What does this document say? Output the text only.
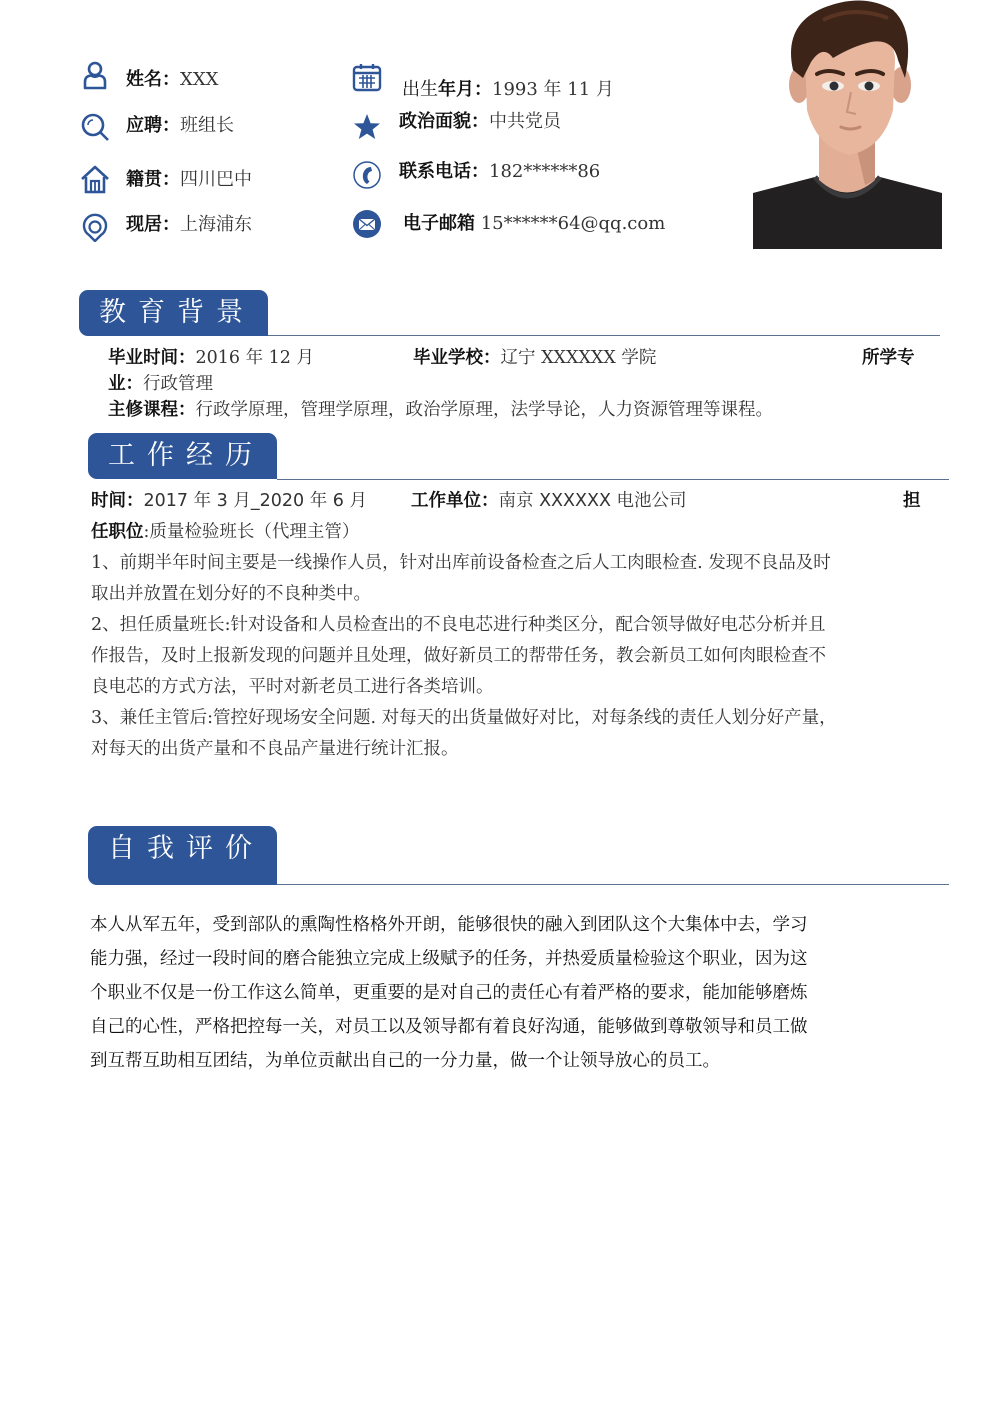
姓名：XXX
应聘：班组长
籍贯：四川巴中
现居：上海浦东
出生年月：1993 年 11 月
政治面貌：中共党员
联系电话：182******86
电子邮箱 15******64@qq.com
教育背景
毕业时间：2016 年 12 月	毕业学校：辽宁 XXXXXX 学院	所学专
业：行政管理
主修课程：行政学原理，管理学原理，政治学原理，法学导论，人力资源管理等课程。
工作经历
时间：2017 年 3 月_2020 年 6 月	工作单位：南京 XXXXXX 电池公司	担
任职位:质量检验班长（代理主管）
1、前期半年时间主要是一线操作人员，针对出库前设备检查之后人工肉眼检查. 发现不良品及时
取出并放置在划分好的不良种类中。
2、担任质量班长:针对设备和人员检查出的不良电芯进行种类区分，配合领导做好电芯分析并且
作报告，及时上报新发现的问题并且处理，做好新员工的帮带任务，教会新员工如何肉眼检查不
良电芯的方式方法，平时对新老员工进行各类培训。
3、兼任主管后:管控好现场安全问题. 对每天的出货量做好对比，对每条线的责任人划分好产量，
对每天的出货产量和不良品产量进行统计汇报。
自我评价
本人从军五年，受到部队的熏陶性格格外开朗，能够很快的融入到团队这个大集体中去，学习
能力强，经过一段时间的磨合能独立完成上级赋予的任务，并热爱质量检验这个职业，因为这
个职业不仅是一份工作这么简单，更重要的是对自己的责任心有着严格的要求，能加能够磨炼
自己的心性，严格把控每一关，对员工以及领导都有着良好沟通，能够做到尊敬领导和员工做
到互帮互助相互团结，为单位贡献出自己的一分力量，做一个让领导放心的员工。
